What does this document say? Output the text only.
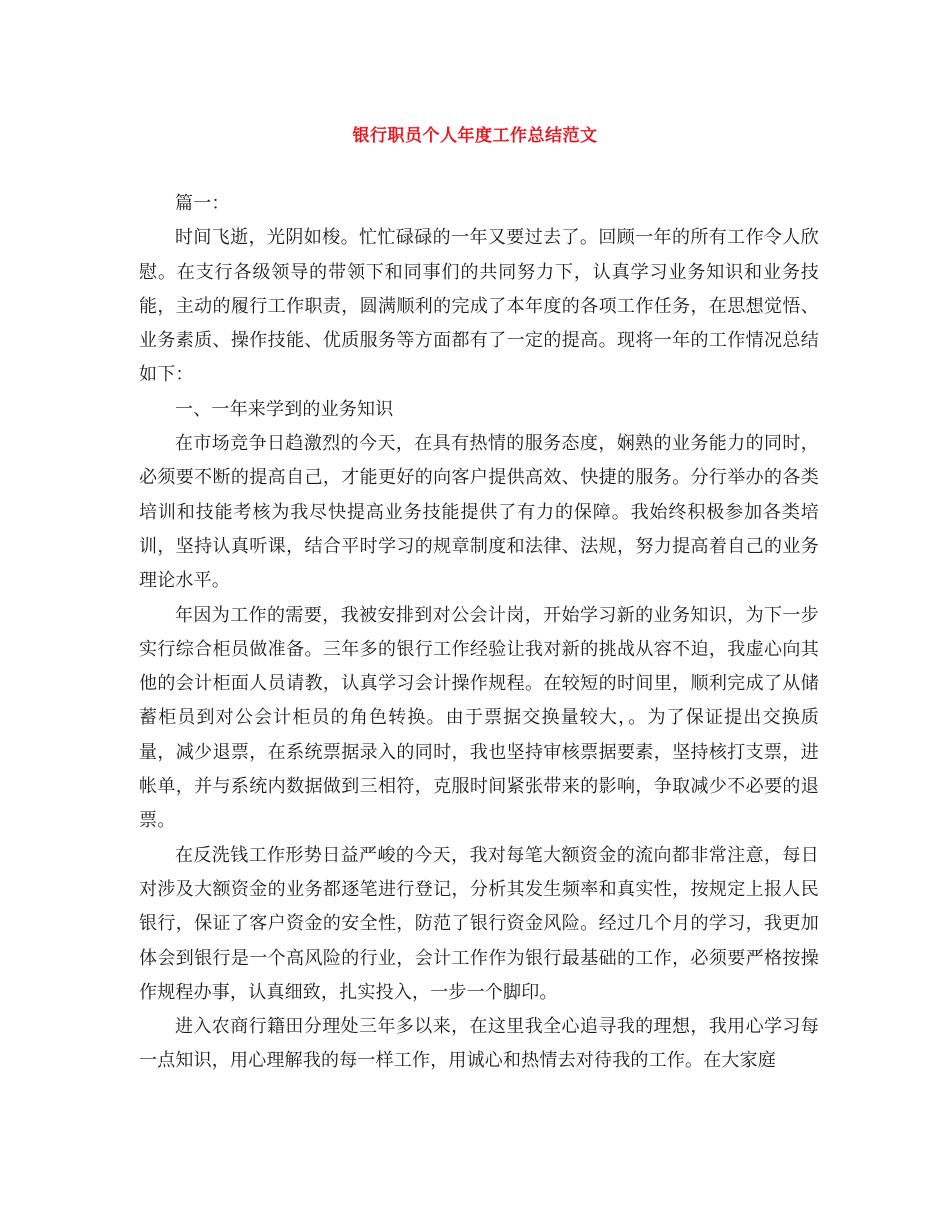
银行职员个人年度工作总结范文

篇一：

时间飞逝，光阴如梭。忙忙碌碌的一年又要过去了。回顾一年的所有工作令人欣慰。在支行各级领导的带领下和同事们的共同努力下，认真学习业务知识和业务技能，主动的履行工作职责，圆满顺利的完成了本年度的各项工作任务，在思想觉悟、业务素质、操作技能、优质服务等方面都有了一定的提高。现将一年的工作情况总结如下：

一、一年来学到的业务知识

在市场竞争日趋激烈的今天，在具有热情的服务态度，娴熟的业务能力的同时，必须要不断的提高自己，才能更好的向客户提供高效、快捷的服务。分行举办的各类培训和技能考核为我尽快提高业务技能提供了有力的保障。我始终积极参加各类培训，坚持认真听课，结合平时学习的规章制度和法律、法规，努力提高着自己的业务理论水平。

年因为工作的需要，我被安排到对公会计岗，开始学习新的业务知识，为下一步实行综合柜员做准备。三年多的银行工作经验让我对新的挑战从容不迫，我虚心向其他的会计柜面人员请教，认真学习会计操作规程。在较短的时间里，顺利完成了从储蓄柜员到对公会计柜员的角色转换。由于票据交换量较大，。为了保证提出交换质量，减少退票，在系统票据录入的同时，我也坚持审核票据要素，坚持核打支票，进帐单，并与系统内数据做到三相符，克服时间紧张带来的影响，争取减少不必要的退票。

在反洗钱工作形势日益严峻的今天，我对每笔大额资金的流向都非常注意，每日对涉及大额资金的业务都逐笔进行登记，分析其发生频率和真实性，按规定上报人民银行，保证了客户资金的安全性，防范了银行资金风险。经过几个月的学习，我更加体会到银行是一个高风险的行业，会计工作作为银行最基础的工作，必须要严格按操作规程办事，认真细致，扎实投入，一步一个脚印。

进入农商行籍田分理处三年多以来，在这里我全心追寻我的理想，我用心学习每一点知识，用心理解我的每一样工作，用诚心和热情去对待我的工作。在大家庭
